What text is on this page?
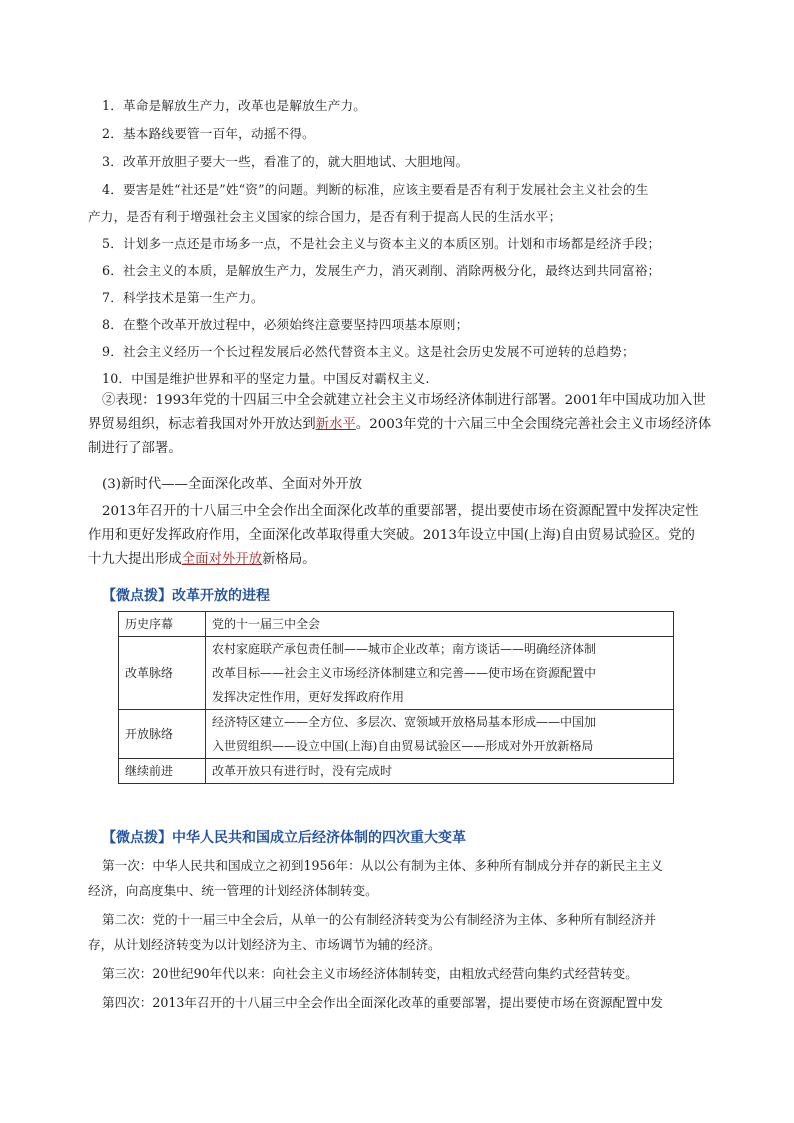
1．革命是解放生产力，改革也是解放生产力。
2．基本路线要管一百年，动摇不得。
3．改革开放胆子要大一些，看准了的，就大胆地试、大胆地闯。
4．要害是姓“社还是”姓“资”的问题。判断的标准，应该主要看是否有利于发展社会主义社会的生
产力，是否有利于增强社会主义国家的综合国力，是否有利于提高人民的生活水平；
5．计划多一点还是市场多一点，不是社会主义与资本主义的本质区别。计划和市场都是经济手段；
6．社会主义的本质，是解放生产力，发展生产力，消灭剥削、消除两极分化，最终达到共同富裕；
7．科学技术是第一生产力。
8．在整个改革开放过程中，必须始终注意要坚持四项基本原则；
9．社会主义经历一个长过程发展后必然代替资本主义。这是社会历史发展不可逆转的总趋势；
10．中国是维护世界和平的坚定力量。中国反对霸权主义.

②表现：1993年党的十四届三中全会就建立社会主义市场经济体制进行部署。2001年中国成功加入世

界贸易组织，标志着我国对外开放达到新水平。2003年党的十六届三中全会围绕完善社会主义市场经济体

制进行了部署。

(3)新时代——全面深化改革、全面对外开放

2013年召开的十八届三中全会作出全面深化改革的重要部署，提出要使市场在资源配置中发挥决定性

作用和更好发挥政府作用，全面深化改革取得重大突破。2013年设立中国(上海)自由贸易试验区。党的

十九大提出形成全面对外开放新格局。

【微点拨】改革开放的进程
历史序幕	党的十一届三中全会

改革脉络	农村家庭联产承包责任制——城市企业改革；南方谈话——明确经济体制
改革目标——社会主义市场经济体制建立和完善——使市场在资源配置中
发挥决定性作用，更好发挥政府作用

开放脉络	经济特区建立——全方位、多层次、宽领域开放格局基本形成——中国加
入世贸组织——设立中国(上海)自由贸易试验区——形成对外开放新格局

继续前进	改革开放只有进行时，没有完成时
【微点拨】中华人民共和国成立后经济体制的四次重大变革

第一次：中华人民共和国成立之初到1956年：从以公有制为主体、多种所有制成分并存的新民主主义

经济，向高度集中、统一管理的计划经济体制转变。

第二次：党的十一届三中全会后，从单一的公有制经济转变为公有制经济为主体、多种所有制经济并

存，从计划经济转变为以计划经济为主、市场调节为辅的经济。

第三次：20世纪90年代以来：向社会主义市场经济体制转变，由粗放式经营向集约式经营转变。

第四次：2013年召开的十八届三中全会作出全面深化改革的重要部署，提出要使市场在资源配置中发
